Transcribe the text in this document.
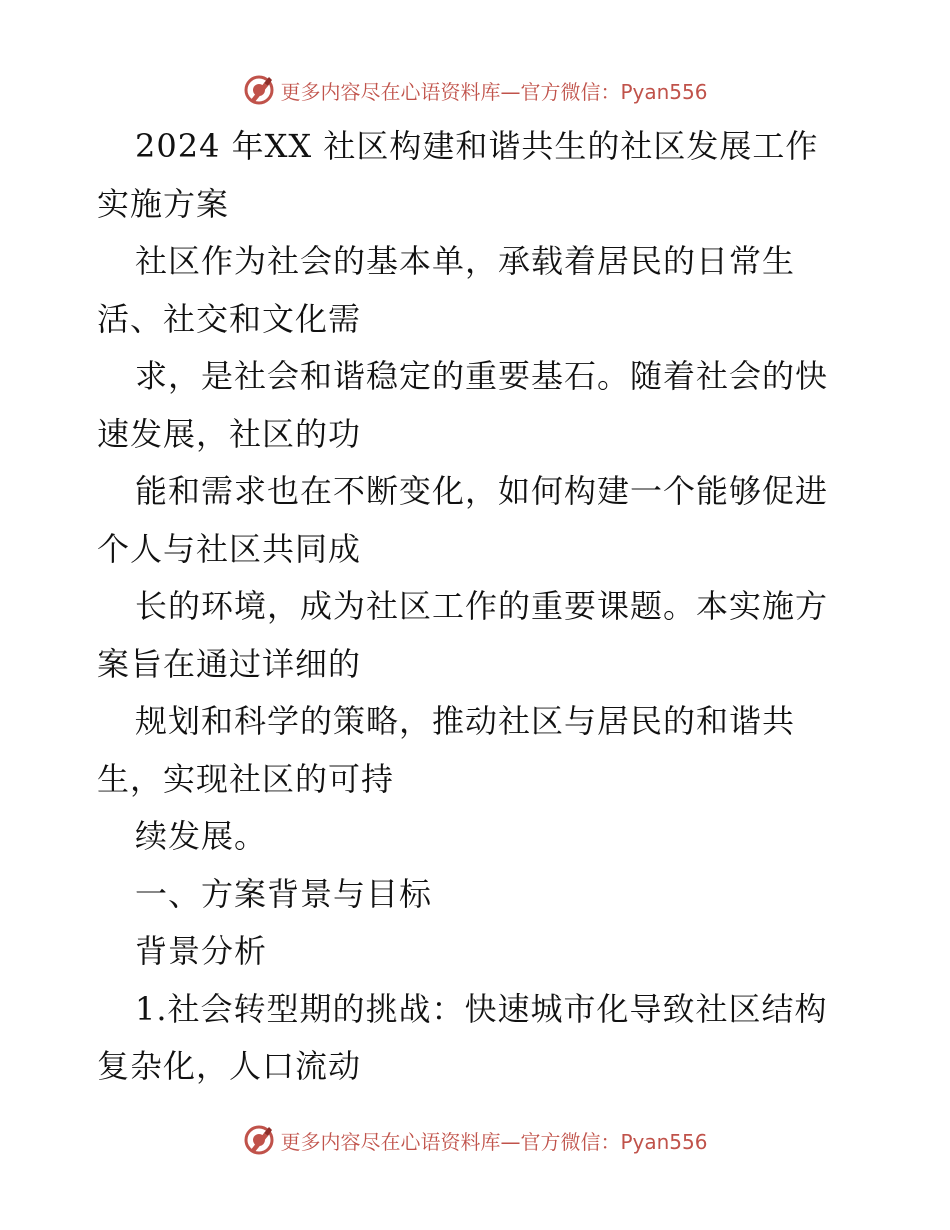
更多内容尽在心语资料库—官方微信：Pyan556
2024 年XX 社区构建和谐共生的社区发展工作
实施方案
社区作为社会的基本单，承载着居民的日常生
活、社交和文化需
求，是社会和谐稳定的重要基石。随着社会的快
速发展，社区的功
能和需求也在不断变化，如何构建一个能够促进
个人与社区共同成
长的环境，成为社区工作的重要课题。本实施方
案旨在通过详细的
规划和科学的策略，推动社区与居民的和谐共
生，实现社区的可持
续发展。
一、方案背景与目标
背景分析
1.社会转型期的挑战：快速城市化导致社区结构
复杂化，人口流动
更多内容尽在心语资料库—官方微信：Pyan556
